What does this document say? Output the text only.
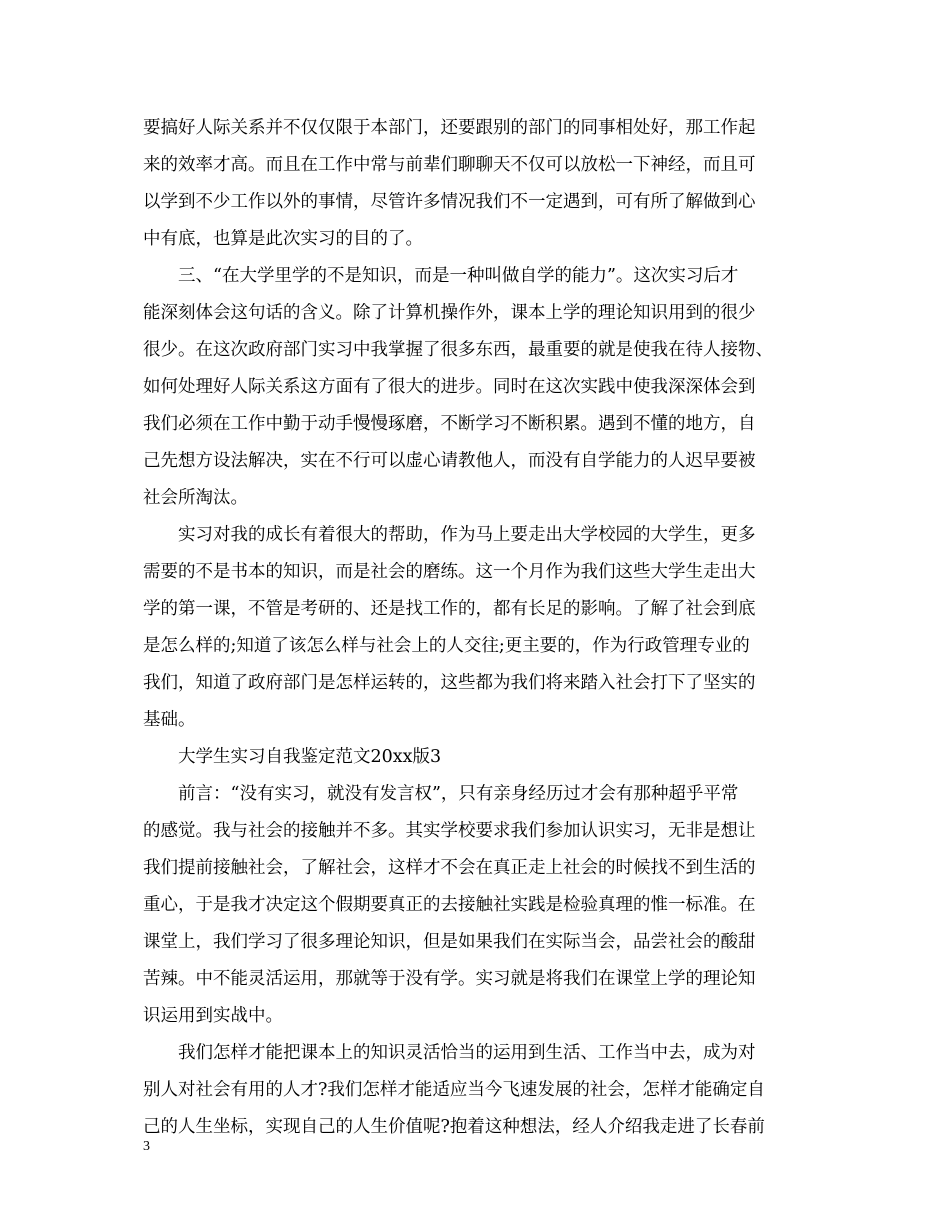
要搞好人际关系并不仅仅限于本部门，还要跟别的部门的同事相处好，那工作起
来的效率才高。而且在工作中常与前辈们聊聊天不仅可以放松一下神经，而且可
以学到不少工作以外的事情，尽管许多情况我们不一定遇到，可有所了解做到心
中有底，也算是此次实习的目的了。
三、“在大学里学的不是知识，而是一种叫做自学的能力”。这次实习后才
能深刻体会这句话的含义。除了计算机操作外，课本上学的理论知识用到的很少
很少。在这次政府部门实习中我掌握了很多东西，最重要的就是使我在待人接物、
如何处理好人际关系这方面有了很大的进步。同时在这次实践中使我深深体会到
我们必须在工作中勤于动手慢慢琢磨，不断学习不断积累。遇到不懂的地方，自
己先想方设法解决，实在不行可以虚心请教他人，而没有自学能力的人迟早要被
社会所淘汰。
实习对我的成长有着很大的帮助，作为马上要走出大学校园的大学生，更多
需要的不是书本的知识，而是社会的磨练。这一个月作为我们这些大学生走出大
学的第一课，不管是考研的、还是找工作的，都有长足的影响。了解了社会到底
是怎么样的;知道了该怎么样与社会上的人交往;更主要的，作为行政管理专业的
我们，知道了政府部门是怎样运转的，这些都为我们将来踏入社会打下了坚实的
基础。
大学生实习自我鉴定范文20xx版3
前言：“没有实习，就没有发言权”，只有亲身经历过才会有那种超乎平常
的感觉。我与社会的接触并不多。其实学校要求我们参加认识实习，无非是想让
我们提前接触社会，了解社会，这样才不会在真正走上社会的时候找不到生活的
重心，于是我才决定这个假期要真正的去接触社实践是检验真理的惟一标准。在
课堂上，我们学习了很多理论知识，但是如果我们在实际当会，品尝社会的酸甜
苦辣。中不能灵活运用，那就等于没有学。实习就是将我们在课堂上学的理论知
识运用到实战中。
我们怎样才能把课本上的知识灵活恰当的运用到生活、工作当中去，成为对
别人对社会有用的人才?我们怎样才能适应当今飞速发展的社会，怎样才能确定自
己的人生坐标，实现自己的人生价值呢?抱着这种想法，经人介绍我走进了长春前
3
